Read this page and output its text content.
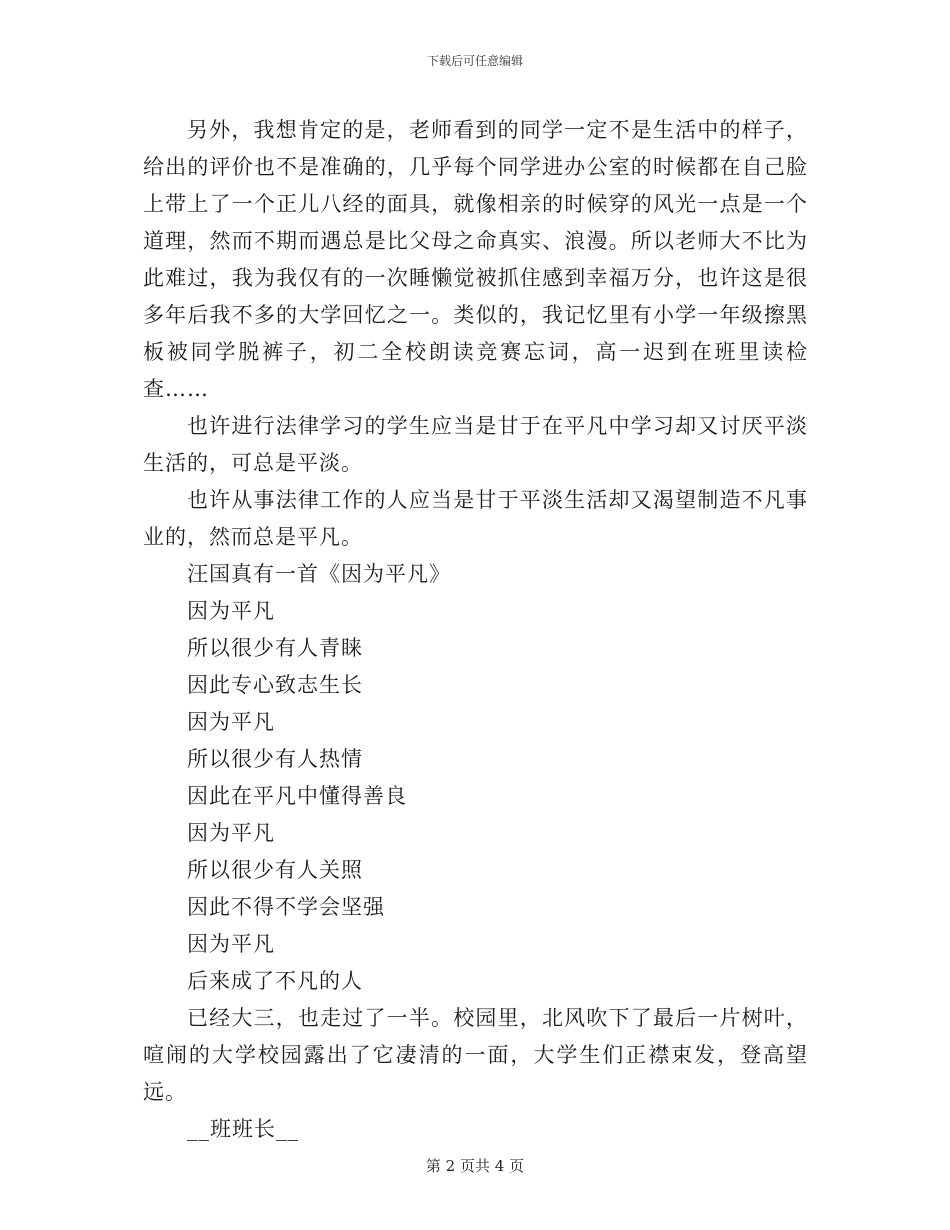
下载后可任意编辑

另外，我想肯定的是，老师看到的同学一定不是生活中的样子，给出的评价也不是准确的，几乎每个同学进办公室的时候都在自己脸上带上了一个正儿八经的面具，就像相亲的时候穿的风光一点是一个道理，然而不期而遇总是比父母之命真实、浪漫。所以老师大不比为此难过，我为我仅有的一次睡懒觉被抓住感到幸福万分，也许这是很多年后我不多的大学回忆之一。类似的，我记忆里有小学一年级擦黑板被同学脱裤子，初二全校朗读竞赛忘词，高一迟到在班里读检查……

也许进行法律学习的学生应当是甘于在平凡中学习却又讨厌平淡生活的，可总是平淡。

也许从事法律工作的人应当是甘于平淡生活却又渴望制造不凡事业的，然而总是平凡。

汪国真有一首《因为平凡》

因为平凡

所以很少有人青睐

因此专心致志生长

因为平凡

所以很少有人热情

因此在平凡中懂得善良

因为平凡

所以很少有人关照

因此不得不学会坚强

因为平凡

后来成了不凡的人

已经大三，也走过了一半。校园里，北风吹下了最后一片树叶，喧闹的大学校园露出了它凄清的一面，大学生们正襟束发，登高望远。

__班班长__

第 2 页共 4 页
